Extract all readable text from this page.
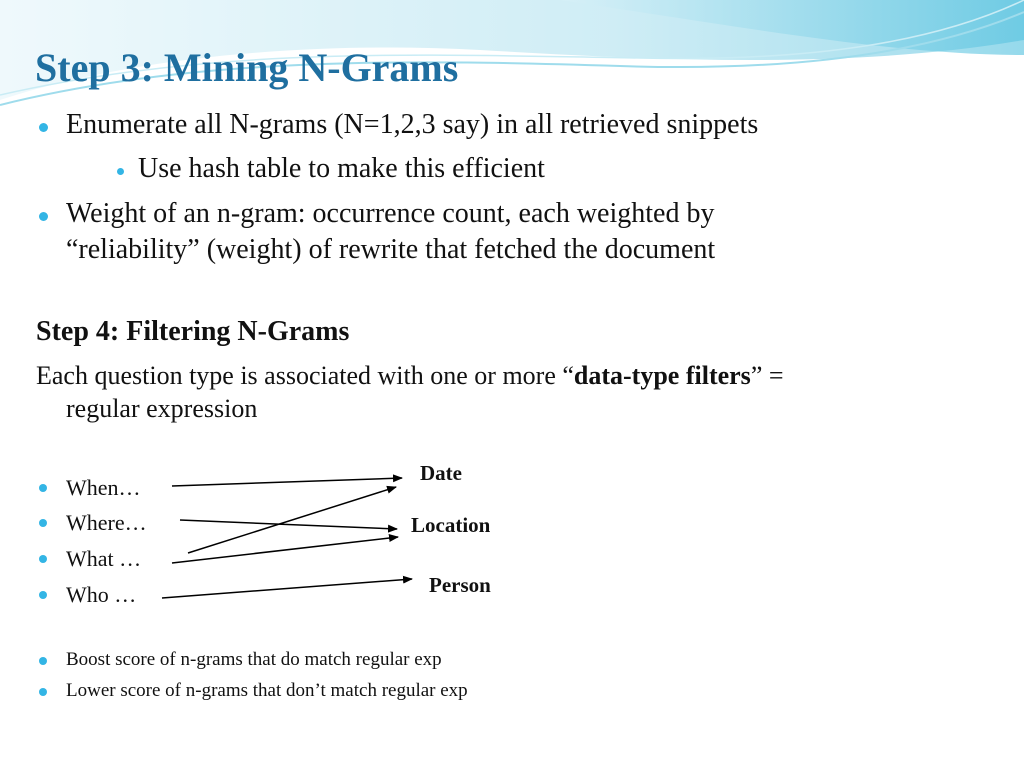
Step 3: Mining N-Grams

Enumerate all N-grams (N=1,2,3 say) in all retrieved snippets

Use hash table to make this efficient

Weight of an n-gram: occurrence count, each weighted by

“reliability” (weight) of rewrite that fetched the document

Step 4: Filtering N-Grams

Each question type is associated with one or more “data-type filters” =

regular expression

When…

Where…

What …

Who …

Date

Location

Person

Boost score of n-grams that do match regular exp

Lower score of n-grams that don’t match regular exp
